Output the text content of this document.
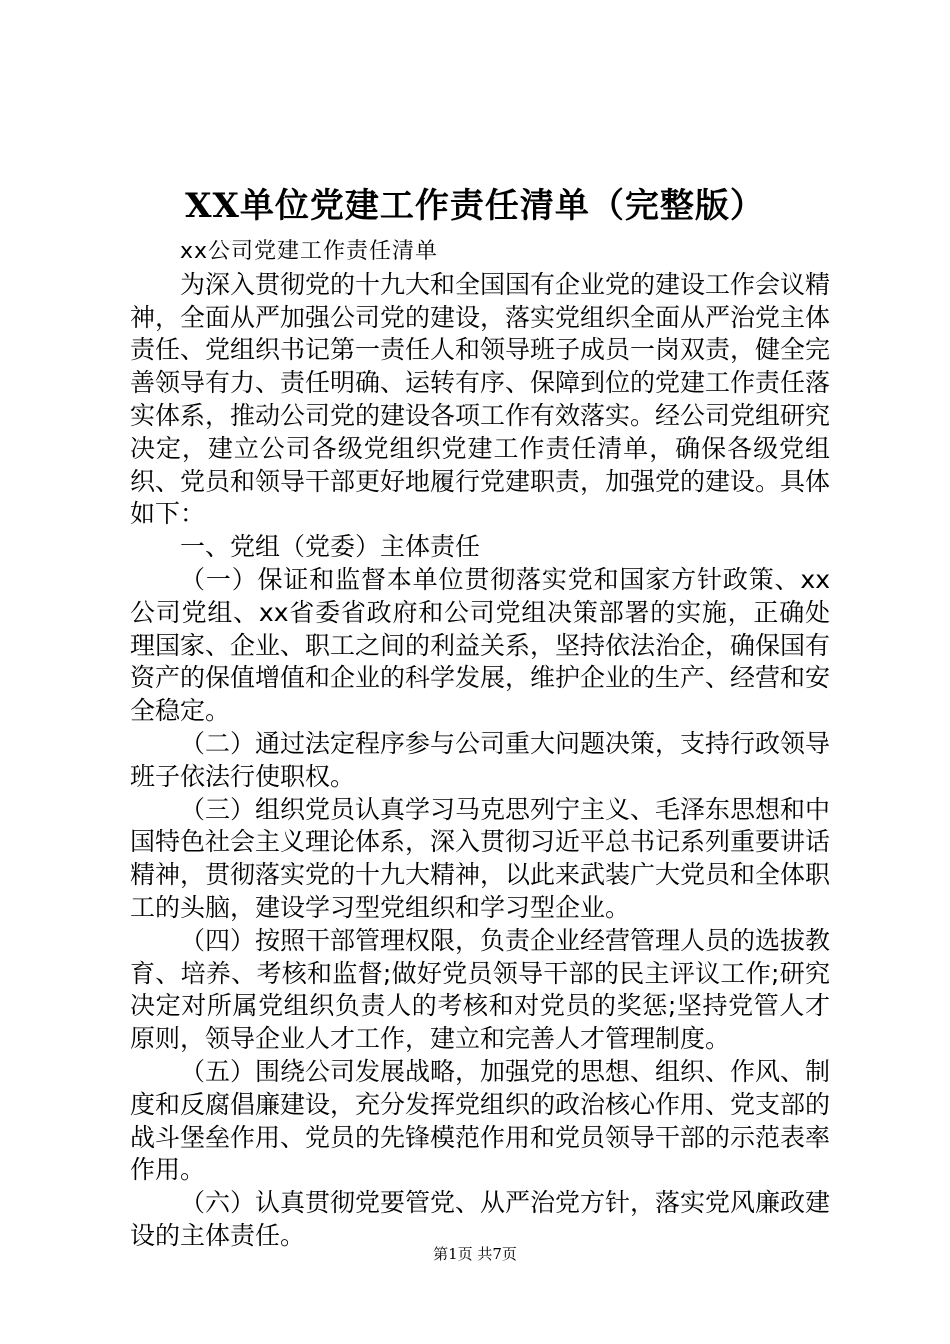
XX单位党建工作责任清单（完整版）

xx公司党建工作责任清单

为深入贯彻党的十九大和全国国有企业党的建设工作会议精神，全面从严加强公司党的建设，落实党组织全面从严治党主体责任、党组织书记第一责任人和领导班子成员一岗双责，健全完善领导有力、责任明确、运转有序、保障到位的党建工作责任落实体系，推动公司党的建设各项工作有效落实。经公司党组研究决定，建立公司各级党组织党建工作责任清单，确保各级党组织、党员和领导干部更好地履行党建职责，加强党的建设。具体如下：

一、党组（党委）主体责任

（一）保证和监督本单位贯彻落实党和国家方针政策、xx公司党组、xx省委省政府和公司党组决策部署的实施，正确处理国家、企业、职工之间的利益关系，坚持依法治企，确保国有资产的保值增值和企业的科学发展，维护企业的生产、经营和安全稳定。

（二）通过法定程序参与公司重大问题决策，支持行政领导班子依法行使职权。

（三）组织党员认真学习马克思列宁主义、毛泽东思想和中国特色社会主义理论体系，深入贯彻习近平总书记系列重要讲话精神，贯彻落实党的十九大精神，以此来武装广大党员和全体职工的头脑，建设学习型党组织和学习型企业。

（四）按照干部管理权限，负责企业经营管理人员的选拔教育、培养、考核和监督;做好党员领导干部的民主评议工作;研究决定对所属党组织负责人的考核和对党员的奖惩;坚持党管人才原则，领导企业人才工作，建立和完善人才管理制度。

（五）围绕公司发展战略，加强党的思想、组织、作风、制度和反腐倡廉建设，充分发挥党组织的政治核心作用、党支部的战斗堡垒作用、党员的先锋模范作用和党员领导干部的示范表率作用。

（六）认真贯彻党要管党、从严治党方针，落实党风廉政建设的主体责任。

第1页 共7页
